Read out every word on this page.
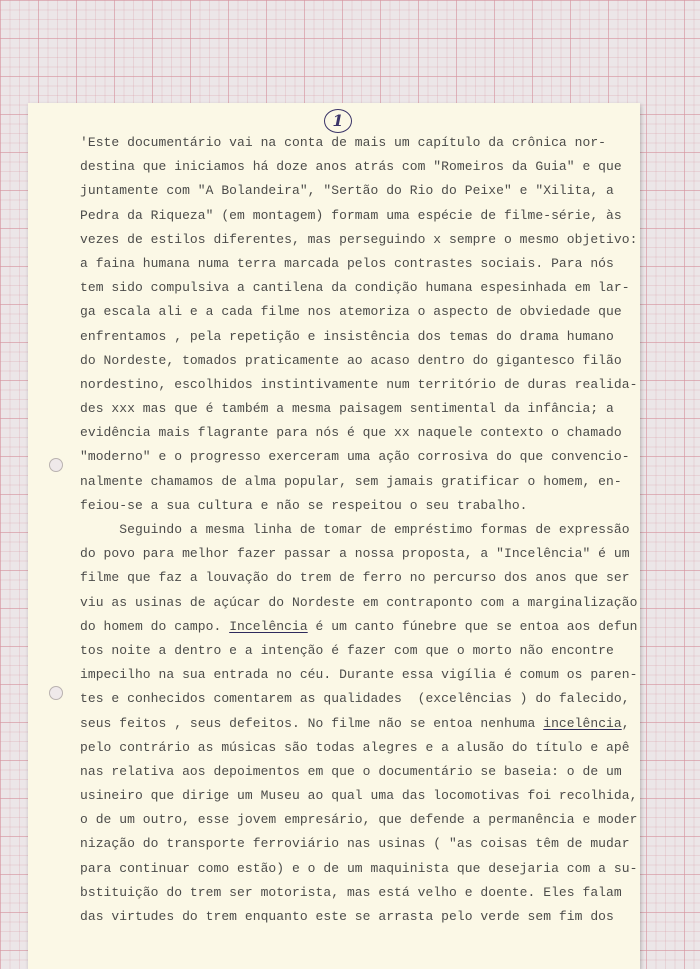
1
'Este documentário vai na conta de mais um capítulo da crônica nor-
destina que iniciamos há doze anos atrás com "Romeiros da Guia" e que
juntamente com "A Bolandeira", "Sertão do Rio do Peixe" e "Xilita, a
Pedra da Riqueza" (em montagem) formam uma espécie de filme-série, às
vezes de estilos diferentes, mas perseguindo x sempre o mesmo objetivo:
a faina humana numa terra marcada pelos contrastes sociais. Para nós
tem sido compulsiva a cantilena da condição humana espesinhada em lar-
ga escala ali e a cada filme nos atemoriza o aspecto de obviedade que
enfrentamos , pela repetição e insistência dos temas do drama humano
do Nordeste, tomados praticamente ao acaso dentro do gigantesco filão
nordestino, escolhidos instintivamente num território de duras realida-
des xxx mas que é também a mesma paisagem sentimental da infância; a
evidência mais flagrante para nós é que xx naquele contexto o chamado
"moderno" e o progresso exerceram uma ação corrosiva do que convencio-
nalmente chamamos de alma popular, sem jamais gratificar o homem, en-
feiou-se a sua cultura e não se respeitou o seu trabalho.
Seguindo a mesma linha de tomar de empréstimo formas de expressão
do povo para melhor fazer passar a nossa proposta, a "Incelência" é um
filme que faz a louvação do trem de ferro no percurso dos anos que ser
viu as usinas de açúcar do Nordeste em contraponto com a marginalização
do homem do campo. Incelência é um canto fúnebre que se entoa aos defun
tos noite a dentro e a intenção é fazer com que o morto não encontre
impecilho na sua entrada no céu. Durante essa vigília é comum os paren-
tes e conhecidos comentarem as qualidades  (excelências ) do falecido,
seus feitos , seus defeitos. No filme não se entoa nenhuma incelência,
pelo contrário as músicas são todas alegres e a alusão do título e apê
nas relativa aos depoimentos em que o documentário se baseia: o de um
usineiro que dirige um Museu ao qual uma das locomotivas foi recolhida,
o de um outro, esse jovem empresário, que defende a permanência e moder
nização do transporte ferroviário nas usinas ( "as coisas têm de mudar
para continuar como estão) e o de um maquinista que desejaria com a su-
bstituição do trem ser motorista, mas está velho e doente. Eles falam
das virtudes do trem enquanto este se arrasta pelo verde sem fim dos
